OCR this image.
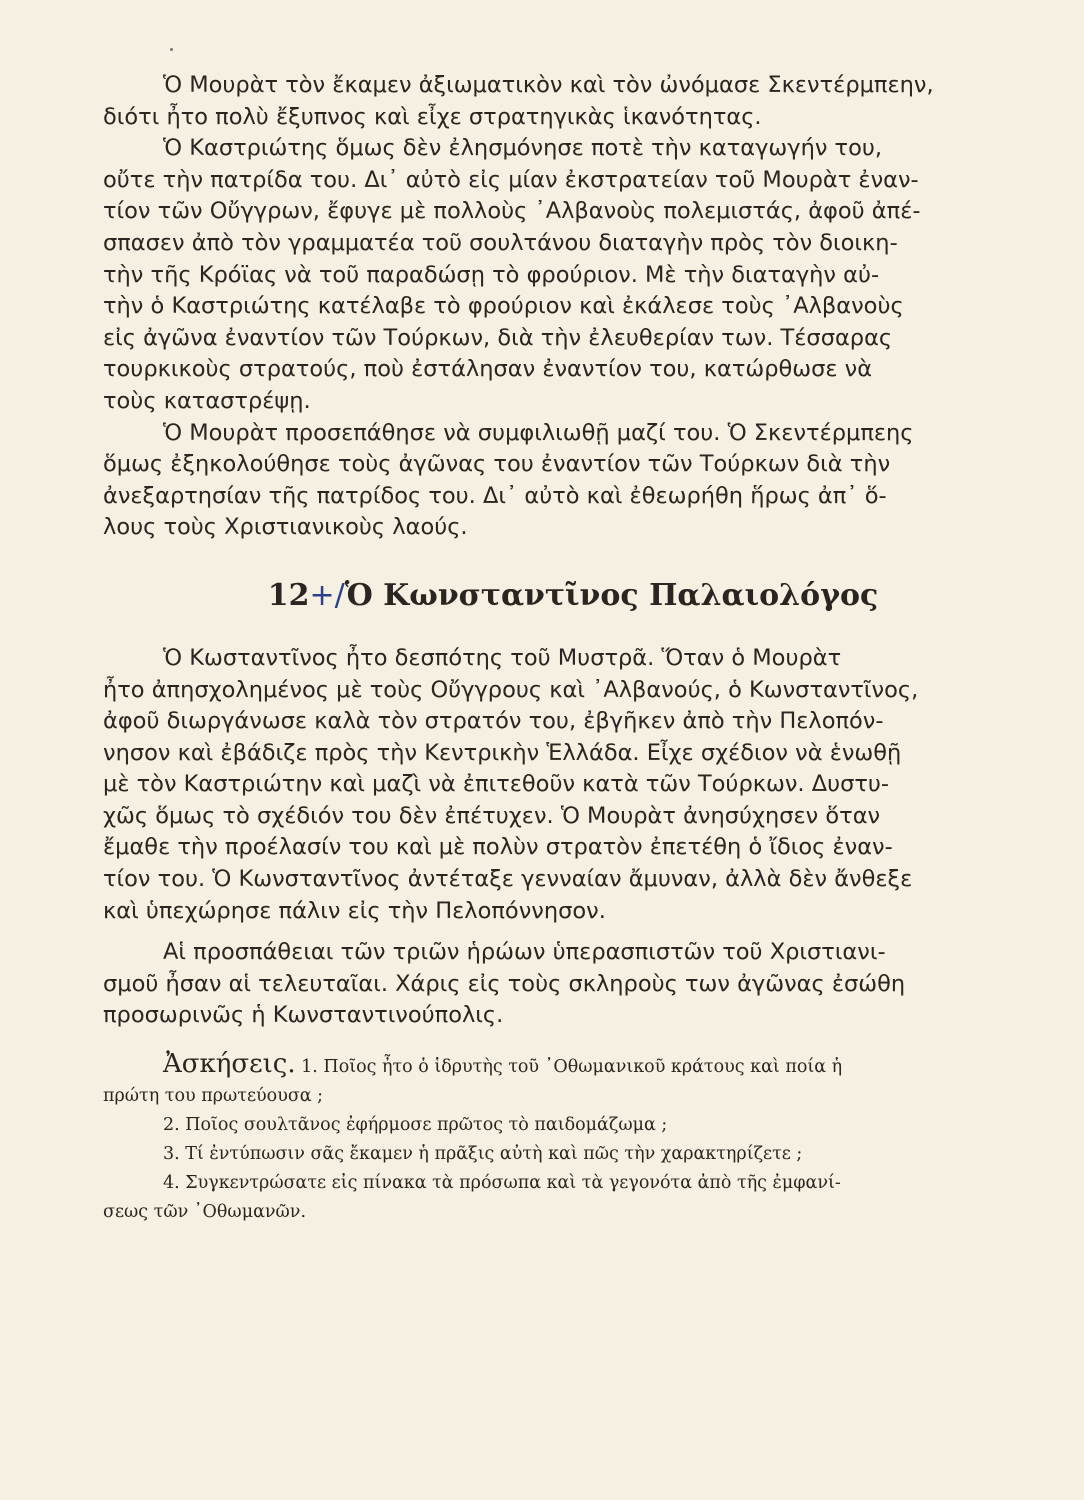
Ὁ Μουρὰτ τὸν ἔκαμεν ἀξιωματικὸν καὶ τὸν ὠνόμασε Σκεντέρμπεην,
διότι ἦτο πολὺ ἔξυπνος καὶ εἶχε στρατηγικὰς ἱκανότητας.
Ὁ Καστριώτης ὅμως δὲν ἐλησμόνησε ποτὲ τὴν καταγωγήν του,
οὔτε τὴν πατρίδα του. Δι᾿ αὐτὸ εἰς μίαν ἐκστρατείαν τοῦ Μουρὰτ ἐναν-
τίον τῶν Οὔγγρων, ἔφυγε μὲ πολλοὺς ᾿Αλβανοὺς πολεμιστάς, ἀφοῦ ἀπέ-
σπασεν ἀπὸ τὸν γραμματέα τοῦ σουλτάνου διαταγὴν πρὸς τὸν διοικη-
τὴν τῆς Κρόϊας νὰ τοῦ παραδώσῃ τὸ φρούριον. Μὲ τὴν διαταγὴν αὐ-
τὴν ὁ Καστριώτης κατέλαβε τὸ φρούριον καὶ ἐκάλεσε τοὺς ᾿Αλβανοὺς
εἰς ἀγῶνα ἐναντίον τῶν Τούρκων, διὰ τὴν ἐλευθερίαν των. Τέσσαρας
τουρκικοὺς στρατούς, ποὺ ἐστάλησαν ἐναντίον του, κατώρθωσε νὰ
τοὺς καταστρέψῃ.
Ὁ Μουρὰτ προσεπάθησε νὰ συμφιλιωθῇ μαζί του. Ὁ Σκεντέρμπεης
ὅμως ἐξηκολούθησε τοὺς ἀγῶνας του ἐναντίον τῶν Τούρκων διὰ τὴν
ἀνεξαρτησίαν τῆς πατρίδος του. Δι᾿ αὐτὸ καὶ ἐθεωρήθη ἥρως ἀπ᾿ ὅ-
λους τοὺς Χριστιανικοὺς λαούς.
12+/Ὁ Κωνσταντῖνος Παλαιολόγος
Ὁ Κωσταντῖνος ἦτο δεσπότης τοῦ Μυστρᾶ. Ὅταν ὁ Μουρὰτ
ἦτο ἀπησχολημένος μὲ τοὺς Οὔγγρους καὶ ᾿Αλβανούς, ὁ Κωνσταντῖνος,
ἀφοῦ διωργάνωσε καλὰ τὸν στρατόν του, ἐβγῆκεν ἀπὸ τὴν Πελοπόν-
νησον καὶ ἐβάδιζε πρὸς τὴν Κεντρικὴν Ἑλλάδα. Εἶχε σχέδιον νὰ ἑνωθῇ
μὲ τὸν Καστριώτην καὶ μαζὶ νὰ ἐπιτεθοῦν κατὰ τῶν Τούρκων. Δυστυ-
χῶς ὅμως τὸ σχέδιόν του δὲν ἐπέτυχεν. Ὁ Μουρὰτ ἀνησύχησεν ὅταν
ἔμαθε τὴν προέλασίν του καὶ μὲ πολὺν στρατὸν ἐπετέθη ὁ ἴδιος ἐναν-
τίον του. Ὁ Κωνσταντῖνος ἀντέταξε γενναίαν ἄμυναν, ἀλλὰ δὲν ἄνθεξε
καὶ ὑπεχώρησε πάλιν εἰς τὴν Πελοπόννησον.
Αἱ προσπάθειαι τῶν τριῶν ἡρώων ὑπερασπιστῶν τοῦ Χριστιανι-
σμοῦ ἦσαν αἱ τελευταῖαι. Χάρις εἰς τοὺς σκληροὺς των ἀγῶνας ἐσώθη
προσωρινῶς ἡ Κωνσταντινούπολις.
Ἀσκήσεις. 1. Ποῖος ἦτο ὁ ἱδρυτὴς τοῦ ᾿Οθωμανικοῦ κράτους καὶ ποία ἡ
πρώτη του πρωτεύουσα ;
2. Ποῖος σουλτᾶνος ἐφήρμοσε πρῶτος τὸ παιδομάζωμα ;
3. Τί ἐντύπωσιν σᾶς ἔκαμεν ἡ πρᾶξις αὐτὴ καὶ πῶς τὴν χαρακτηρίζετε ;
4. Συγκεντρώσατε εἰς πίνακα τὰ πρόσωπα καὶ τὰ γεγονότα ἀπὸ τῆς ἐμφανί-
σεως τῶν ᾿Οθωμανῶν.
